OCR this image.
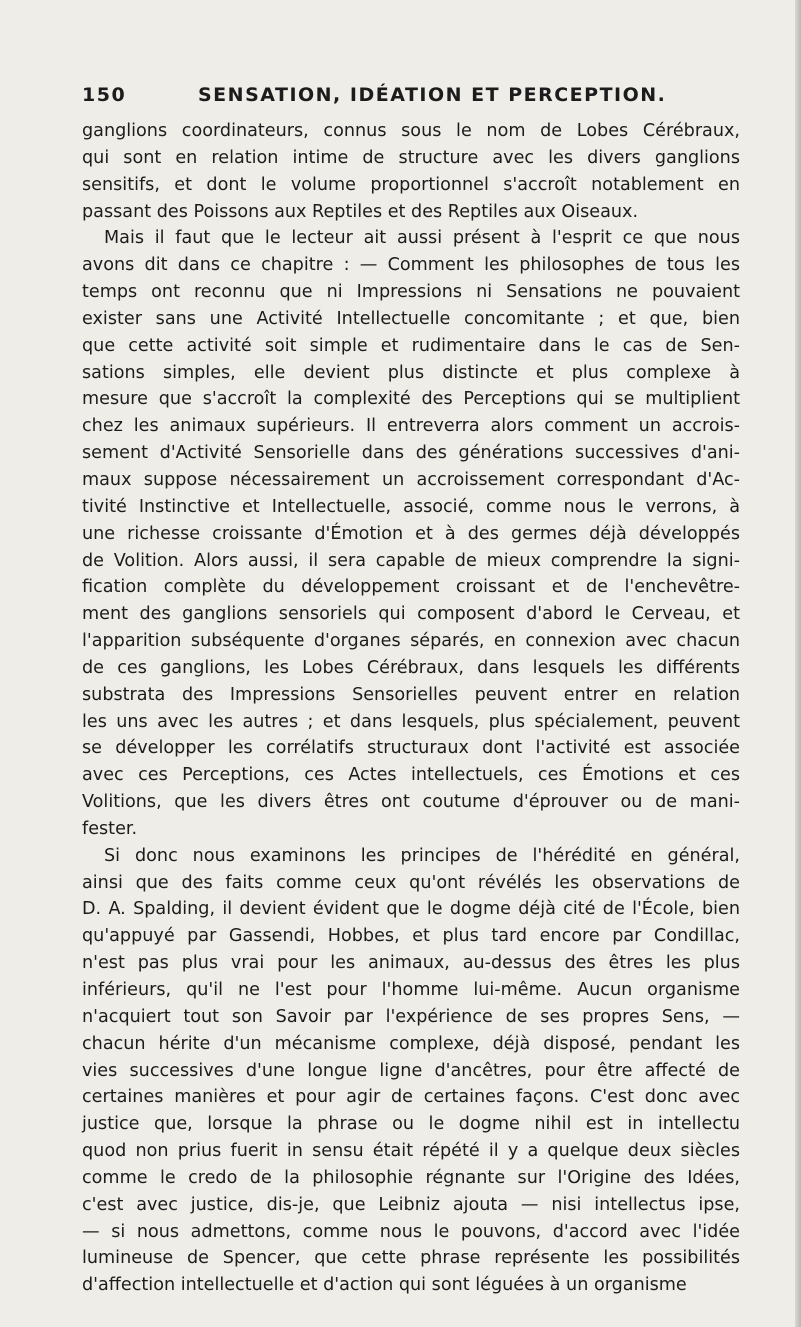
150	SENSATION, IDÉATION ET PERCEPTION.
ganglions coordinateurs, connus sous le nom de Lobes Cérébraux,
qui sont en relation intime de structure avec les divers ganglions
sensitifs, et dont le volume proportionnel s'accroît notablement en
passant des Poissons aux Reptiles et des Reptiles aux Oiseaux.
Mais il faut que le lecteur ait aussi présent à l'esprit ce que nous
avons dit dans ce chapitre : — Comment les philosophes de tous les
temps ont reconnu que ni Impressions ni Sensations ne pouvaient
exister sans une Activité Intellectuelle concomitante ; et que, bien
que cette activité soit simple et rudimentaire dans le cas de Sen-
sations simples, elle devient plus distincte et plus complexe à
mesure que s'accroît la complexité des Perceptions qui se multiplient
chez les animaux supérieurs. Il entreverra alors comment un accrois-
sement d'Activité Sensorielle dans des générations successives d'ani-
maux suppose nécessairement un accroissement correspondant d'Ac-
tivité Instinctive et Intellectuelle, associé, comme nous le verrons, à
une richesse croissante d'Émotion et à des germes déjà développés
de Volition. Alors aussi, il sera capable de mieux comprendre la signi-
fication complète du développement croissant et de l'enchevêtre-
ment des ganglions sensoriels qui composent d'abord le Cerveau, et
l'apparition subséquente d'organes séparés, en connexion avec chacun
de ces ganglions, les Lobes Cérébraux, dans lesquels les différents
substrata des Impressions Sensorielles peuvent entrer en relation
les uns avec les autres ; et dans lesquels, plus spécialement, peuvent
se développer les corrélatifs structuraux dont l'activité est associée
avec ces Perceptions, ces Actes intellectuels, ces Émotions et ces
Volitions, que les divers êtres ont coutume d'éprouver ou de mani-
fester.
Si donc nous examinons les principes de l'hérédité en général,
ainsi que des faits comme ceux qu'ont révélés les observations de
D. A. Spalding, il devient évident que le dogme déjà cité de l'École, bien
qu'appuyé par Gassendi, Hobbes, et plus tard encore par Condillac,
n'est pas plus vrai pour les animaux, au-dessus des êtres les plus
inférieurs, qu'il ne l'est pour l'homme lui-même. Aucun organisme
n'acquiert tout son Savoir par l'expérience de ses propres Sens, —
chacun hérite d'un mécanisme complexe, déjà disposé, pendant les
vies successives d'une longue ligne d'ancêtres, pour être affecté de
certaines manières et pour agir de certaines façons. C'est donc avec
justice que, lorsque la phrase ou le dogme nihil est in intellectu
quod non prius fuerit in sensu était répété il y a quelque deux siècles
comme le credo de la philosophie régnante sur l'Origine des Idées,
c'est avec justice, dis-je, que Leibniz ajouta — nisi intellectus ipse,
— si nous admettons, comme nous le pouvons, d'accord avec l'idée
lumineuse de Spencer, que cette phrase représente les possibilités
d'affection intellectuelle et d'action qui sont léguées à un organisme
